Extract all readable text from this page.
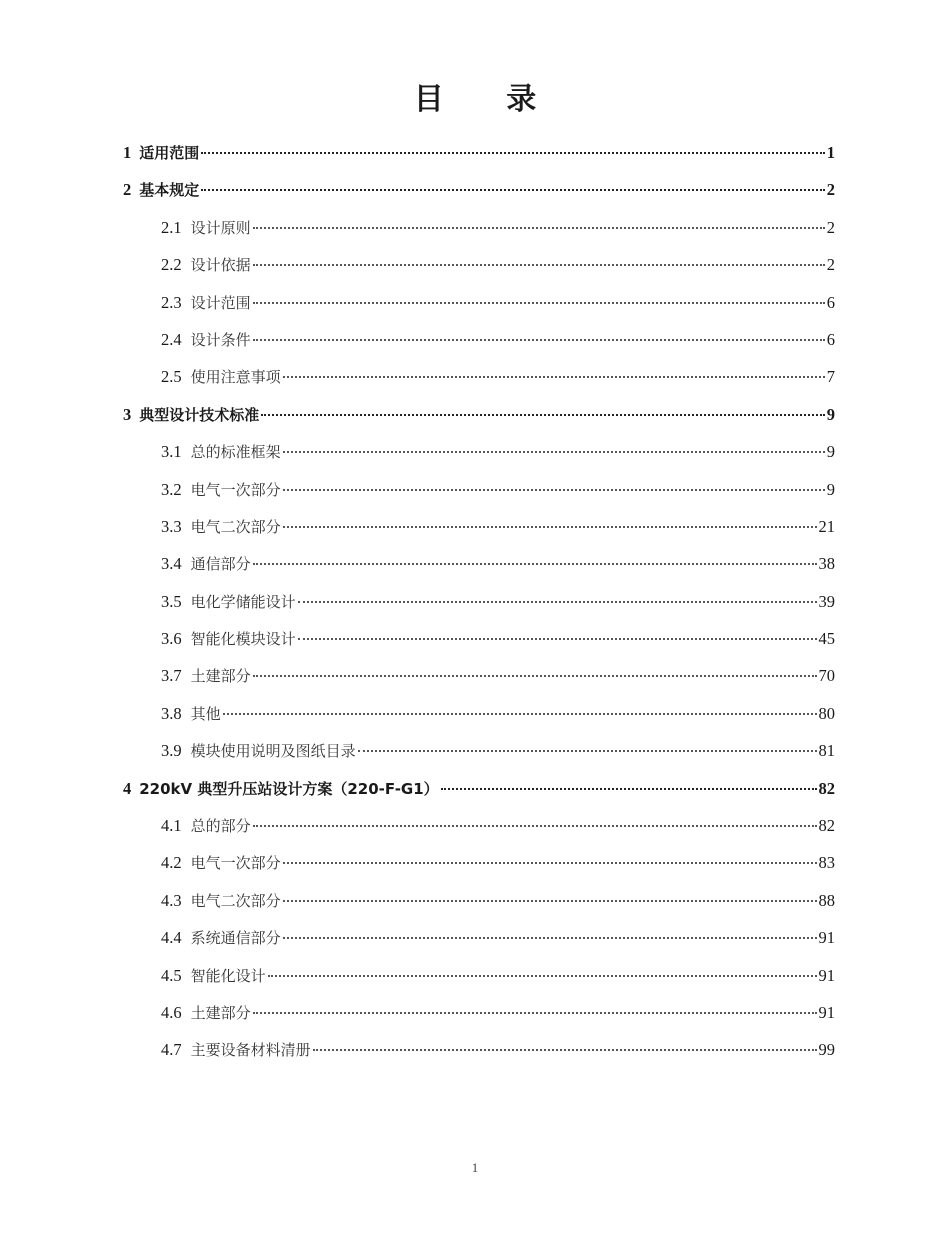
目 录
1 适用范围	1
2 基本规定	2
2.1 设计原则	2
2.2 设计依据	2
2.3 设计范围	6
2.4 设计条件	6
2.5 使用注意事项	7
3 典型设计技术标准	9
3.1 总的标准框架	9
3.2 电气一次部分	9
3.3 电气二次部分	21
3.4 通信部分	38
3.5 电化学储能设计	39
3.6 智能化模块设计	45
3.7 土建部分	70
3.8 其他	80
3.9 模块使用说明及图纸目录	81
4 220kV 典型升压站设计方案（220-F-G1）	82
4.1 总的部分	82
4.2 电气一次部分	83
4.3 电气二次部分	88
4.4 系统通信部分	91
4.5 智能化设计	91
4.6 土建部分	91
4.7 主要设备材料清册	99
1
